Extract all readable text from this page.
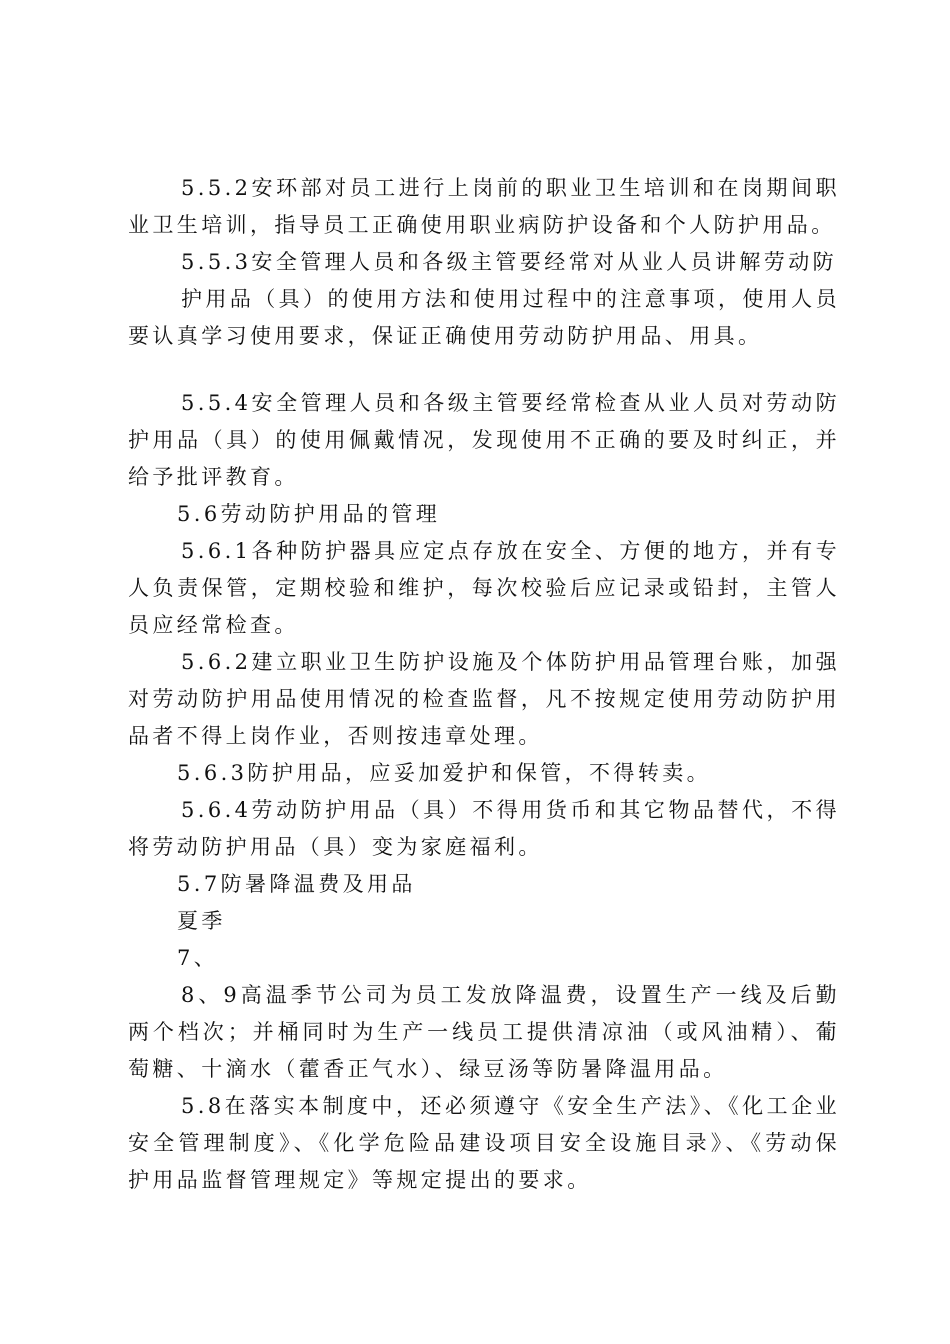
5.5.2安环部对员工进行上岗前的职业卫生培训和在岗期间职业卫生培训，指导员工正确使用职业病防护设备和个人防护用品。

5.5.3安全管理人员和各级主管要经常对从业人员讲解劳动防

护用品（具）的使用方法和使用过程中的注意事项，使用人员要认真学习使用要求，保证正确使用劳动防护用品、用具。

5.5.4安全管理人员和各级主管要经常检查从业人员对劳动防护用品（具）的使用佩戴情况，发现使用不正确的要及时纠正，并给予批评教育。

5.6劳动防护用品的管理

5.6.1各种防护器具应定点存放在安全、方便的地方，并有专人负责保管，定期校验和维护，每次校验后应记录或铅封，主管人员应经常检查。

5.6.2建立职业卫生防护设施及个体防护用品管理台账，加强对劳动防护用品使用情况的检查监督，凡不按规定使用劳动防护用品者不得上岗作业，否则按违章处理。

5.6.3防护用品，应妥加爱护和保管，不得转卖。

5.6.4劳动防护用品（具）不得用货币和其它物品替代，不得将劳动防护用品（具）变为家庭福利。

5.7防暑降温费及用品

夏季

7、

8、9高温季节公司为员工发放降温费，设置生产一线及后勤两个档次；并桶同时为生产一线员工提供清凉油（或风油精）、葡萄糖、十滴水（藿香正气水）、绿豆汤等防暑降温用品。

5.8在落实本制度中，还必须遵守《安全生产法》、《化工企业安全管理制度》、《化学危险品建设项目安全设施目录》、《劳动保护用品监督管理规定》等规定提出的要求。
